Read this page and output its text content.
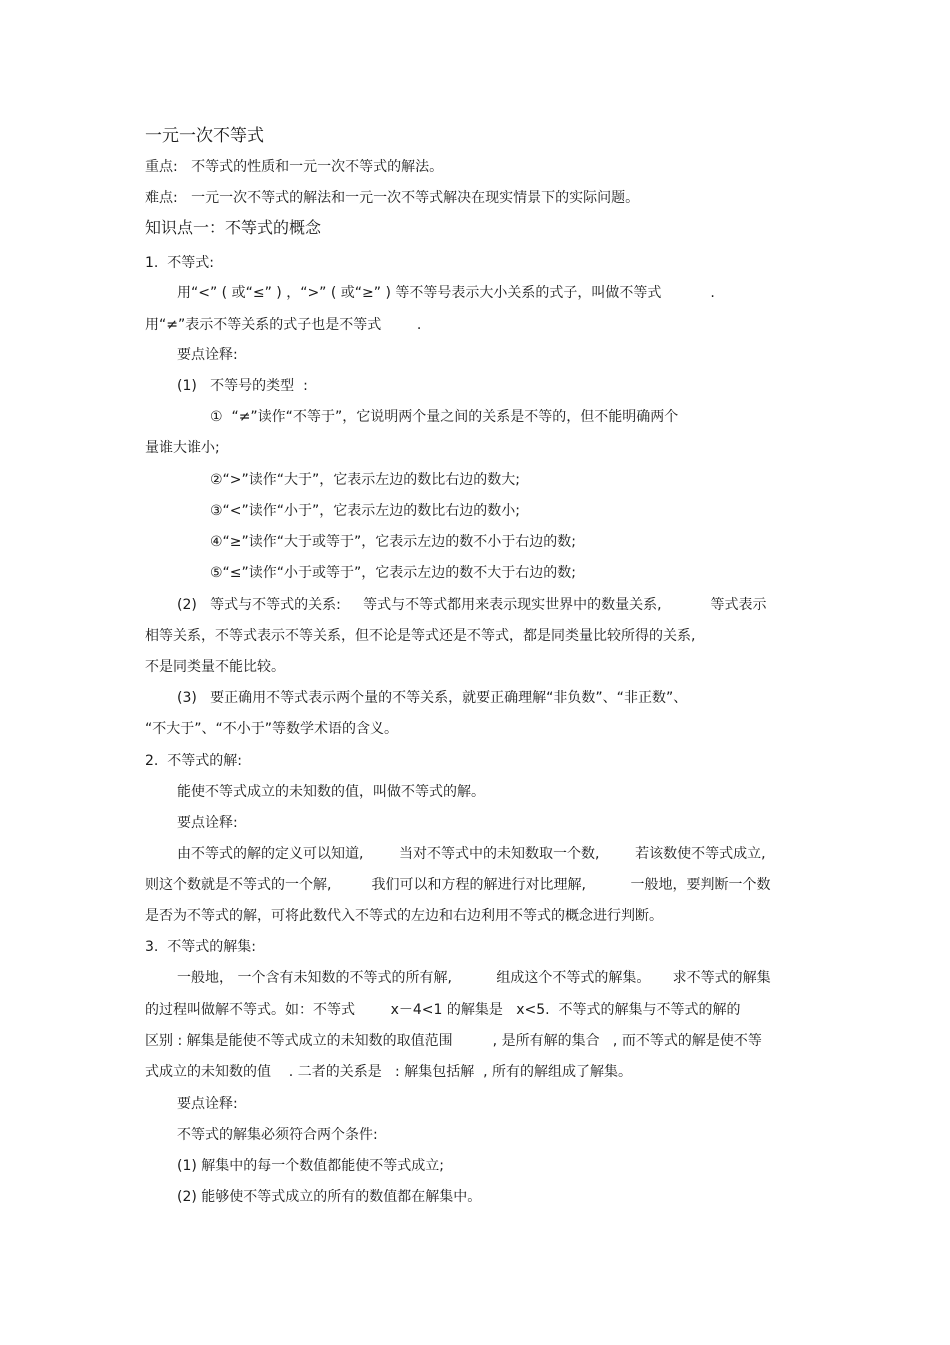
一元一次不等式
重点:   不等式的性质和一元一次不等式的解法。
难点:   一元一次不等式的解法和一元一次不等式解决在现实情景下的实际问题。
知识点一：不等式的概念
1.  不等式:
用“<” ( 或“≤” ) ，“>” ( 或“≥” ) 等不等号表示大小关系的式子，叫做不等式           .
用“≠”表示不等关系的式子也是不等式        .
要点诠释:
(1)   不等号的类型  :
①  “≠”读作“不等于”，它说明两个量之间的关系是不等的，但不能明确两个
量谁大谁小;
②“>”读作“大于”，它表示左边的数比右边的数大;
③“<”读作“小于”，它表示左边的数比右边的数小;
④“≥”读作“大于或等于”，它表示左边的数不小于右边的数;
⑤“≤”读作“小于或等于”，它表示左边的数不大于右边的数;
(2)   等式与不等式的关系:     等式与不等式都用来表示现实世界中的数量关系,           等式表示
相等关系，不等式表示不等关系，但不论是等式还是不等式，都是同类量比较所得的关系,
不是同类量不能比较。
(3)   要正确用不等式表示两个量的不等关系，就要正确理解“非负数”、“非正数”、
“不大于”、“不小于”等数学术语的含义。
2.  不等式的解:
能使不等式成立的未知数的值，叫做不等式的解。
要点诠释:
由不等式的解的定义可以知道,        当对不等式中的未知数取一个数,        若该数使不等式成立,
则这个数就是不等式的一个解,         我们可以和方程的解进行对比理解,          一般地，要判断一个数
是否为不等式的解，可将此数代入不等式的左边和右边利用不等式的概念进行判断。
3.  不等式的解集:
一般地， 一个含有未知数的不等式的所有解,          组成这个不等式的解集。     求不等式的解集
的过程叫做解不等式。如：不等式        x－4<1 的解集是   x<5.  不等式的解集与不等式的解的
区别 : 解集是能使不等式成立的未知数的取值范围         , 是所有解的集合   , 而不等式的解是使不等
式成立的未知数的值    . 二者的关系是   : 解集包括解  , 所有的解组成了解集。
要点诠释:
不等式的解集必须符合两个条件:
(1) 解集中的每一个数值都能使不等式成立;
(2) 能够使不等式成立的所有的数值都在解集中。
